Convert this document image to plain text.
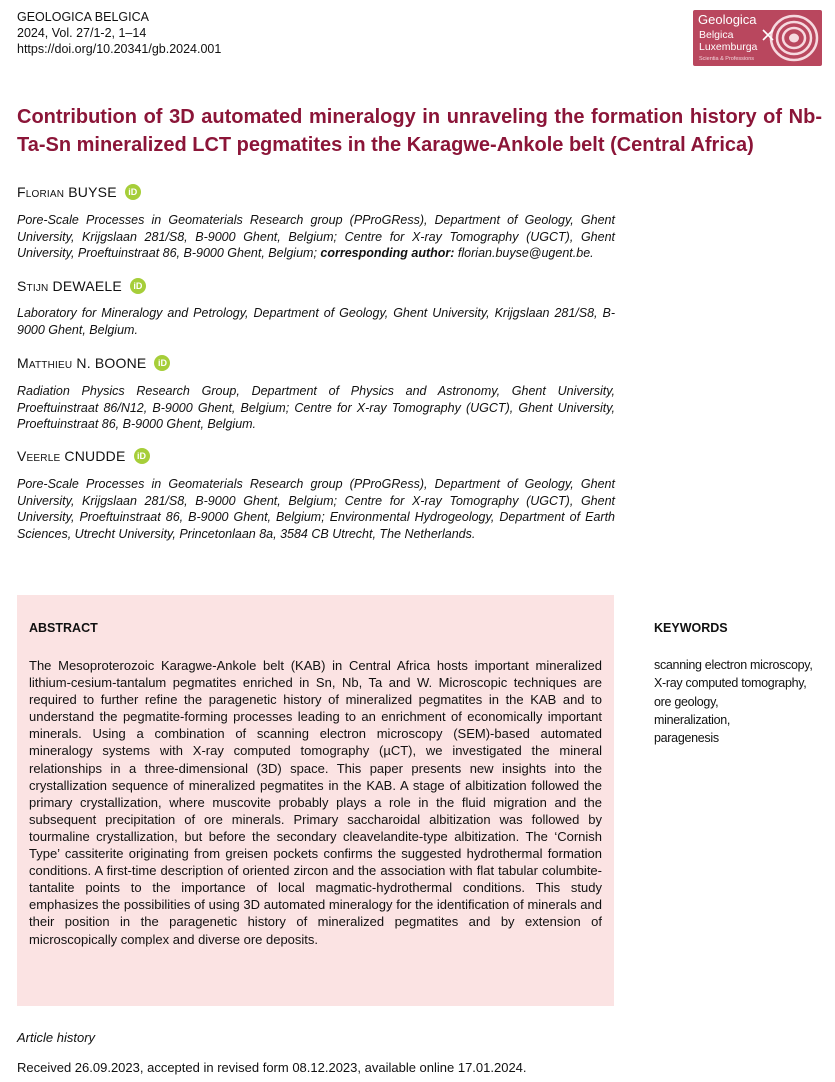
GEOLOGICA BELGICA
2024, Vol. 27/1-2, 1–14
https://doi.org/10.20341/gb.2024.001
Geologica
Belgica
Luxemburga
Scientia & Professions
Contribution of 3D automated mineralogy in unraveling the formation history of Nb-Ta-Sn mineralized LCT pegmatites in the Karagwe-Ankole belt (Central Africa)
Florian BUYSE	iD
Pore-Scale Processes in Geomaterials Research group (PProGRess), Department of Geology, Ghent University, Krijgslaan 281/S8, B-9000 Ghent, Belgium; Centre for X-ray Tomography (UGCT), Ghent University, Proeftuinstraat 86, B-9000 Ghent, Belgium; corresponding author: florian.buyse@ugent.be.
Stijn DEWAELE	iD
Laboratory for Mineralogy and Petrology, Department of Geology, Ghent University, Krijgslaan 281/S8, B-9000 Ghent, Belgium.
Matthieu N. BOONE	iD
Radiation Physics Research Group, Department of Physics and Astronomy, Ghent University, Proeftuinstraat 86/N12, B-9000 Ghent, Belgium; Centre for X-ray Tomography (UGCT), Ghent University, Proeftuinstraat 86, B-9000 Ghent, Belgium.
Veerle CNUDDE	iD
Pore-Scale Processes in Geomaterials Research group (PProGRess), Department of Geology, Ghent University, Krijgslaan 281/S8, B-9000 Ghent, Belgium; Centre for X-ray Tomography (UGCT), Ghent University, Proeftuinstraat 86, B-9000 Ghent, Belgium; Environmental Hydrogeology, Department of Earth Sciences, Utrecht University, Princetonlaan 8a, 3584 CB Utrecht, The Netherlands.
ABSTRACT
The Mesoproterozoic Karagwe-Ankole belt (KAB) in Central Africa hosts important mineralized lithium-cesium-tantalum pegmatites enriched in Sn, Nb, Ta and W. Microscopic techniques are required to further refine the paragenetic history of mineralized pegmatites in the KAB and to understand the pegmatite-forming processes leading to an enrichment of economically important minerals. Using a combination of scanning electron microscopy (SEM)-based automated mineralogy systems with X-ray computed tomography (µCT), we investigated the mineral relationships in a three-dimensional (3D) space. This paper presents new insights into the crystallization sequence of mineralized pegmatites in the KAB. A stage of albitization followed the primary crystallization, where muscovite probably plays a role in the fluid migration and the subsequent precipitation of ore minerals. Primary saccharoidal albitization was followed by tourmaline crystallization, but before the secondary cleavelandite-type albitization. The ‘Cornish Type’ cassiterite originating from greisen pockets confirms the suggested hydrothermal formation conditions. A first-time description of oriented zircon and the association with flat tabular columbite-tantalite points to the importance of local magmatic-hydrothermal conditions. This study emphasizes the possibilities of using 3D automated mineralogy for the identification of minerals and their position in the paragenetic history of mineralized pegmatites and by extension of microscopically complex and diverse ore deposits.
KEYWORDS
scanning electron microscopy,
X-ray computed tomography,
ore geology,
mineralization,
paragenesis
Article history
Received 26.09.2023, accepted in revised form 08.12.2023, available online 17.01.2024.
